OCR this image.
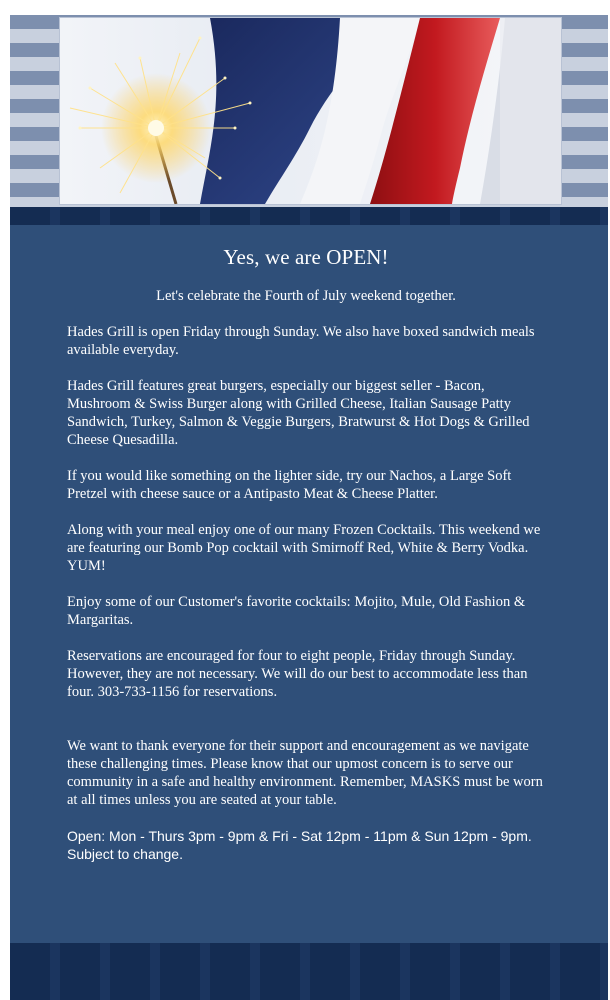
Yes, we are OPEN!

Let's celebrate the Fourth of July weekend together.

Hades Grill is open Friday through Sunday. We also have boxed sandwich meals available everyday.

Hades Grill features great burgers, especially our biggest seller - Bacon, Mushroom & Swiss Burger along with Grilled Cheese, Italian Sausage Patty Sandwich, Turkey, Salmon & Veggie Burgers, Bratwurst & Hot Dogs & Grilled Cheese Quesadilla.

If you would like something on the lighter side, try our Nachos, a Large Soft Pretzel with cheese sauce or a Antipasto Meat & Cheese Platter.

Along with your meal enjoy one of our many Frozen Cocktails. This weekend we are featuring our Bomb Pop cocktail with Smirnoff Red, White & Berry Vodka. YUM!

Enjoy some of our Customer's favorite cocktails: Mojito, Mule, Old Fashion & Margaritas.

Reservations are encouraged for four to eight people, Friday through Sunday. However, they are not necessary. We will do our best to accommodate less than four. 303-733-1156 for reservations.

We want to thank everyone for their support and encouragement as we navigate these challenging times. Please know that our upmost concern is to serve our community in a safe and healthy environment. Remember, MASKS must be worn at all times unless you are seated at your table.

Open: Mon - Thurs 3pm - 9pm & Fri - Sat 12pm - 11pm & Sun 12pm - 9pm. Subject to change.
